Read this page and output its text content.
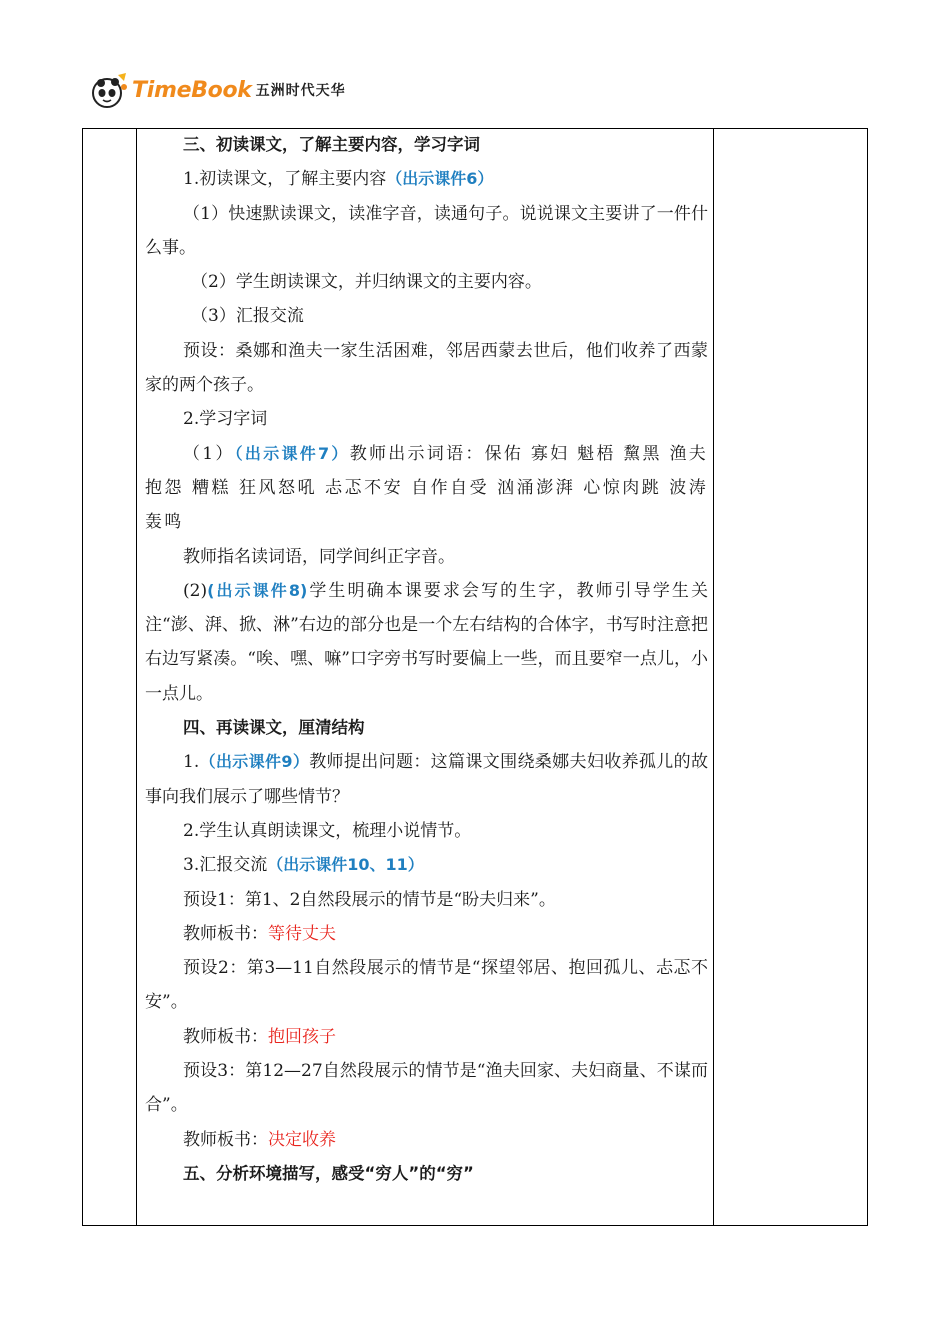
TimeBook 五洲时代天华

三、初读课文，了解主要内容，学习字词

1.初读课文，了解主要内容（出示课件6）

（1）快速默读课文，读准字音，读通句子。说说课文主要讲了一件什么事。

（2）学生朗读课文，并归纳课文的主要内容。

（3）汇报交流

预设：桑娜和渔夫一家生活困难，邻居西蒙去世后，他们收养了西蒙家的两个孩子。

2.学习字词

（1）（出示课件7）教师出示词语：保佑 寡妇 魁梧 黧黑 渔夫 抱怨 糟糕 狂风怒吼 忐忑不安 自作自受 汹涌澎湃 心惊肉跳 波涛轰鸣

教师指名读词语，同学间纠正字音。

(2)(出示课件8)学生明确本课要求会写的生字，教师引导学生关注“澎、湃、掀、淋”右边的部分也是一个左右结构的合体字，书写时注意把右边写紧凑。“唉、嘿、嘛”口字旁书写时要偏上一些，而且要窄一点儿，小一点儿。

四、再读课文，厘清结构

1.（出示课件9）教师提出问题：这篇课文围绕桑娜夫妇收养孤儿的故事向我们展示了哪些情节？

2.学生认真朗读课文，梳理小说情节。

3.汇报交流（出示课件10、11）

预设1：第1、2自然段展示的情节是“盼夫归来”。

教师板书：等待丈夫

预设2：第3—11自然段展示的情节是“探望邻居、抱回孤儿、忐忑不安”。

教师板书：抱回孩子

预设3：第12—27自然段展示的情节是“渔夫回家、夫妇商量、不谋而合”。

教师板书：决定收养

五、分析环境描写，感受“穷人”的“穷”
